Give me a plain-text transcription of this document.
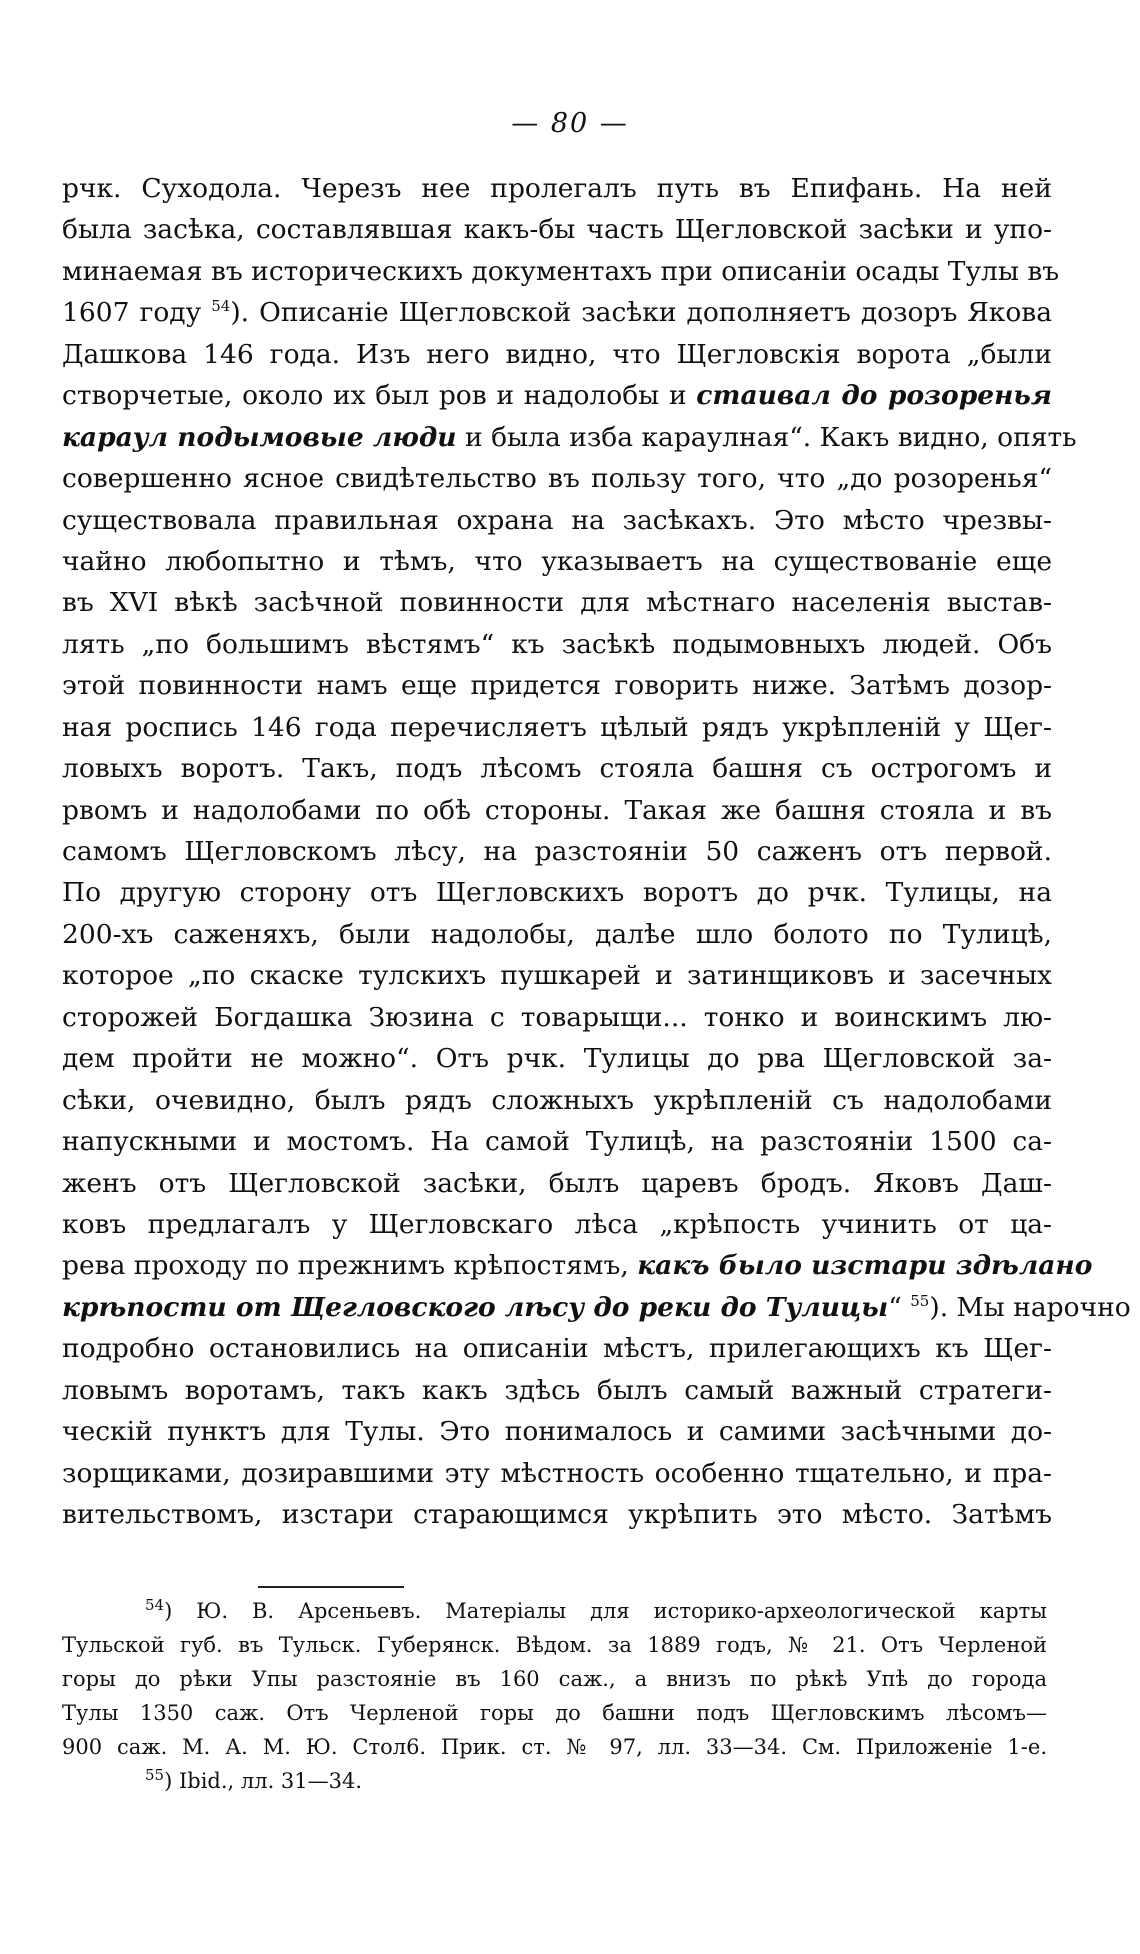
— 80 —
рчк. Суходола. Черезъ нее пролегалъ путь въ Епифань. На ней
была засѣка, составлявшая какъ-бы часть Щегловской засѣки и упо-
минаемая въ историческихъ документахъ при описаніи осады Тулы въ
1607 году $^{54}$). Описаніе Щегловской засѣки дополняетъ дозоръ Якова
Дашкова 146 года. Изъ него видно, что Щегловскія ворота „были
створчетые, около их был ров и надолобы и стаивал до розоренья
караул подымовые люди и была изба караулная“. Какъ видно, опять
совершенно ясное свидѣтельство въ пользу того, что „до розоренья“
существовала правильная охрана на засѣкахъ. Это мѣсто чрезвы-
чайно любопытно и тѣмъ, что указываетъ на существованіе еще
въ XVI вѣкѣ засѣчной повинности для мѣстнаго населенія выстав-
лять „по большимъ вѣстямъ“ къ засѣкѣ подымовныхъ людей. Объ
этой повинности намъ еще придется говорить ниже. Затѣмъ дозор-
ная роспись 146 года перечисляетъ цѣлый рядъ укрѣпленій у Щег-
ловыхъ воротъ. Такъ, подъ лѣсомъ стояла башня съ острогомъ и
рвомъ и надолобами по обѣ стороны. Такая же башня стояла и въ
самомъ Щегловскомъ лѣсу, на разстояніи 50 саженъ отъ первой.
По другую сторону отъ Щегловскихъ воротъ до рчк. Тулицы, на
200-хъ саженяхъ, были надолобы, далѣе шло болото по Тулицѣ,
которое „по скаске тулскихъ пушкарей и затинщиковъ и засечных
сторожей Богдашка Зюзина с товарыщи... тонко и воинскимъ лю-
дем пройти не можно“. Отъ рчк. Тулицы до рва Щегловской за-
сѣки, очевидно, былъ рядъ сложныхъ укрѣпленій съ надолобами
напускными и мостомъ. На самой Тулицѣ, на разстояніи 1500 са-
женъ отъ Щегловской засѣки, былъ царевъ бродъ. Яковъ Даш-
ковъ предлагалъ у Щегловскаго лѣса „крѣпость учинить от ца-
рева проходу по прежнимъ крѣпостямъ, какъ было изстари здѣлано
крѣпости от Щегловского лѣсу до реки до Тулицы“ $^{55}$). Мы нарочно
подробно остановились на описаніи мѣстъ, прилегающихъ къ Щег-
ловымъ воротамъ, такъ какъ здѣсь былъ самый важный стратеги-
ческій пунктъ для Тулы. Это понималось и самими засѣчными до-
зорщиками, дозиравшими эту мѣстность особенно тщательно, и пра-
вительствомъ, изстари старающимся укрѣпить это мѣсто. Затѣмъ
$^{54}$) Ю. В. Арсеньевъ. Матеріалы для историко-археологической карты
Тульской губ. въ Тульск. Губерянск. Вѣдом. за 1889 годъ, № 21. Отъ Черленой
горы до рѣки Упы разстояніе въ 160 саж., а внизъ по рѣкѣ Упѣ до города
Тулы 1350 саж. Отъ Черленой горы до башни подъ Щегловскимъ лѣсомъ—
900 саж. М. А. М. Ю. Стол6. Прик. ст. № 97, лл. 33—34. См. Приложеніе 1-е.
$^{55}$) Ibid., лл. 31—34.
